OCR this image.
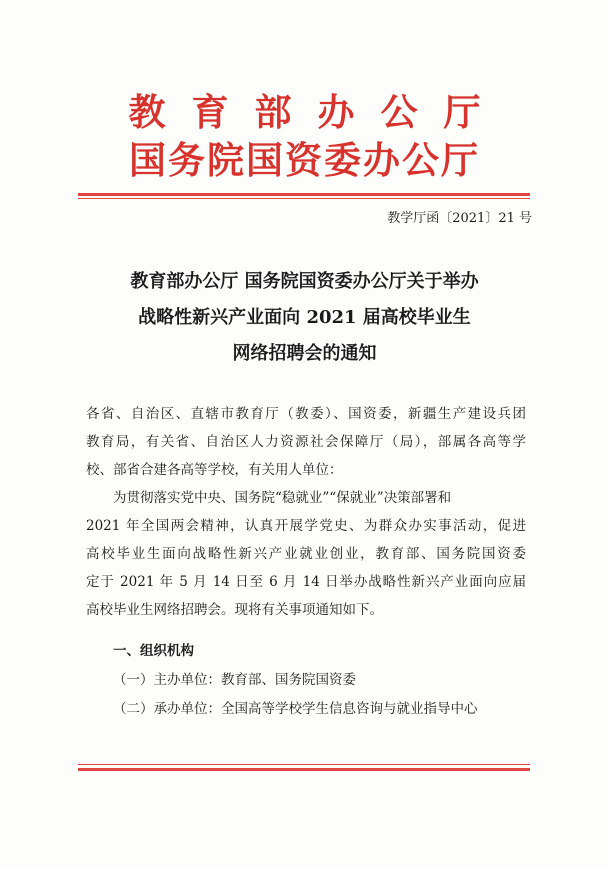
教育部办公厅
国务院国资委办公厅
教学厅函〔2021〕21 号
教育部办公厅 国务院国资委办公厅关于举办
战略性新兴产业面向 2021 届高校毕业生
网络招聘会的通知
各省、自治区、直辖市教育厅（教委）、国资委，新疆生产建设兵团
教育局，有关省、自治区人力资源社会保障厅（局），部属各高等学
校、部省合建各高等学校，有关用人单位：
为贯彻落实党中央、国务院“稳就业”“保就业”决策部署和
2021 年全国两会精神，认真开展学党史、为群众办实事活动，促进
高校毕业生面向战略性新兴产业就业创业，教育部、国务院国资委
定于 2021 年 5 月 14 日至 6 月 14 日举办战略性新兴产业面向应届
高校毕业生网络招聘会。现将有关事项通知如下。
一、组织机构
（一）主办单位：教育部、国务院国资委
（二）承办单位：全国高等学校学生信息咨询与就业指导中心
